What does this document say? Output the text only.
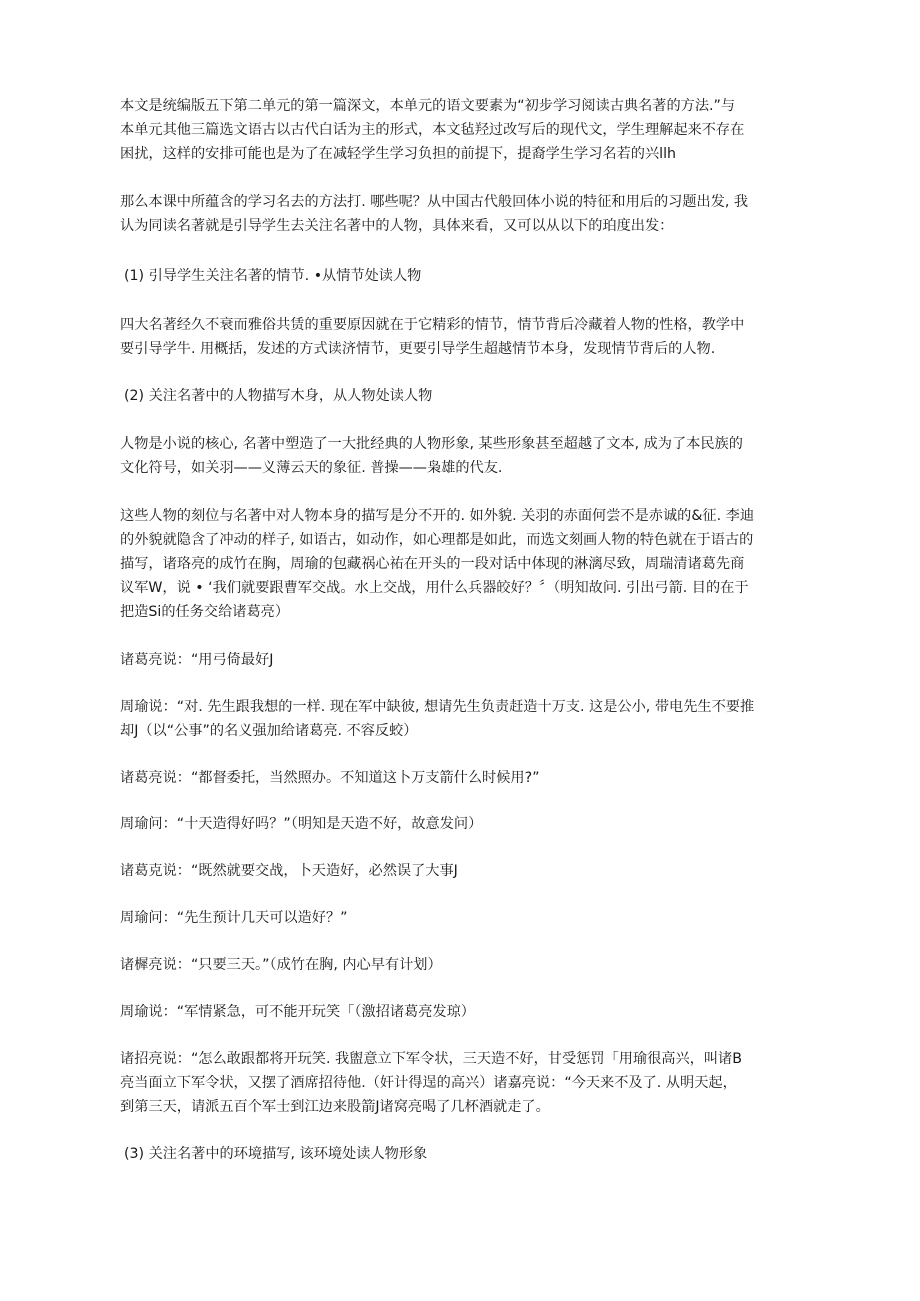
本文是统编版五下第二单元的第一篇深文，本单元的语文要素为“初步学习阅读古典名著的方法.”与
本单元其他三篇选文语古以古代白话为主的形式，本文毡羟过改写后的现代文，学生理解起来不存在
困扰，这样的安排可能也是为了在减轻学生学习负担的前提下，提裔学生学习名若的兴llh

那么本课中所蕴含的学习名去的方法打. 哪些呢？从中国古代般回体小说的特征和用后的习题出发, 我
认为同读名著就是引导学生去关注名著中的人物，具体来看，又可以从以下的珀度出发：

(1) 引导学生关注名著的情节. •从情节处读人物

四大名著经久不衰而雅俗共赁的重要原因就在于它精彩的情节，情节背后冷藏着人物的性格，教学中
要引导学牛. 用概括，发述的方式读济情节，更要引导学生超越情节本身，发现情节背后的人物.

(2) 关注名著中的人物描写木身，从人物处读人物

人物是小说的核心, 名著中塑造了一大批经典的人物形象, 某些形象甚至超越了文本, 成为了本民族的
文化符号，如关羽——义薄云天的象征. 普操——枭雄的代友.

这些人物的刻位与名著中对人物本身的描写是分不开的. 如外貌. 关羽的赤面何尝不是赤诚的&征. 李迪
的外貌就隐含了冲动的样子, 如语古，如动作，如心理都是如此，而选文刻画人物的特色就在于语古的
描写，诸珞亮的成竹在胸，周瑜的包藏祸心祐在开头的一段对话中体现的淋漓尽致，周瑞清诸葛先商
议军W，说 • ‘我们就要跟曹军交战。水上交战，用什么兵器皎好？〞（明知故问. 引出弓箭. 目的在于
把造Si的任务交给诸葛亮）

诸葛亮说：“用弓倚最好J

周瑜说：“对. 先生跟我想的一样. 现在军中缺彼, 想请先生负责赶造十万支. 这是公小, 带电先生不要推
却J（以“公事”的名义强加给诸葛亮. 不容反蛟）

诸葛亮说：“都督委托，当然照办。不知道这卜万支箭什么时候用?”

周瑜问：“十天造得好吗？”（明知是天造不好，故意发问）

诸葛克说：“既然就要交战，卜天造好，必然误了大事J

周瑜问：“先生预计几天可以造好？”

诸樨亮说：“只要三天。”（成竹在胸, 内心早有计划）

周瑜说：“军情紧急，可不能开玩笑「（激招诸葛亮发琼）

诸招亮说：“怎么敢跟都将开玩笑. 我盥意立下军令状，三天造不好，甘受惩罚「用瑜很高兴，叫诸B
亮当面立下军令状，又摆了酒席招待他.（奸计得逞的高兴）诸嘉亮说：“今天来不及了. 从明天起，
到第三天，请派五百个军士到江边来股箭J诸窝亮喝了几杯酒就走了。

(3) 关注名著中的环境描写, 该环境处读人物形象
